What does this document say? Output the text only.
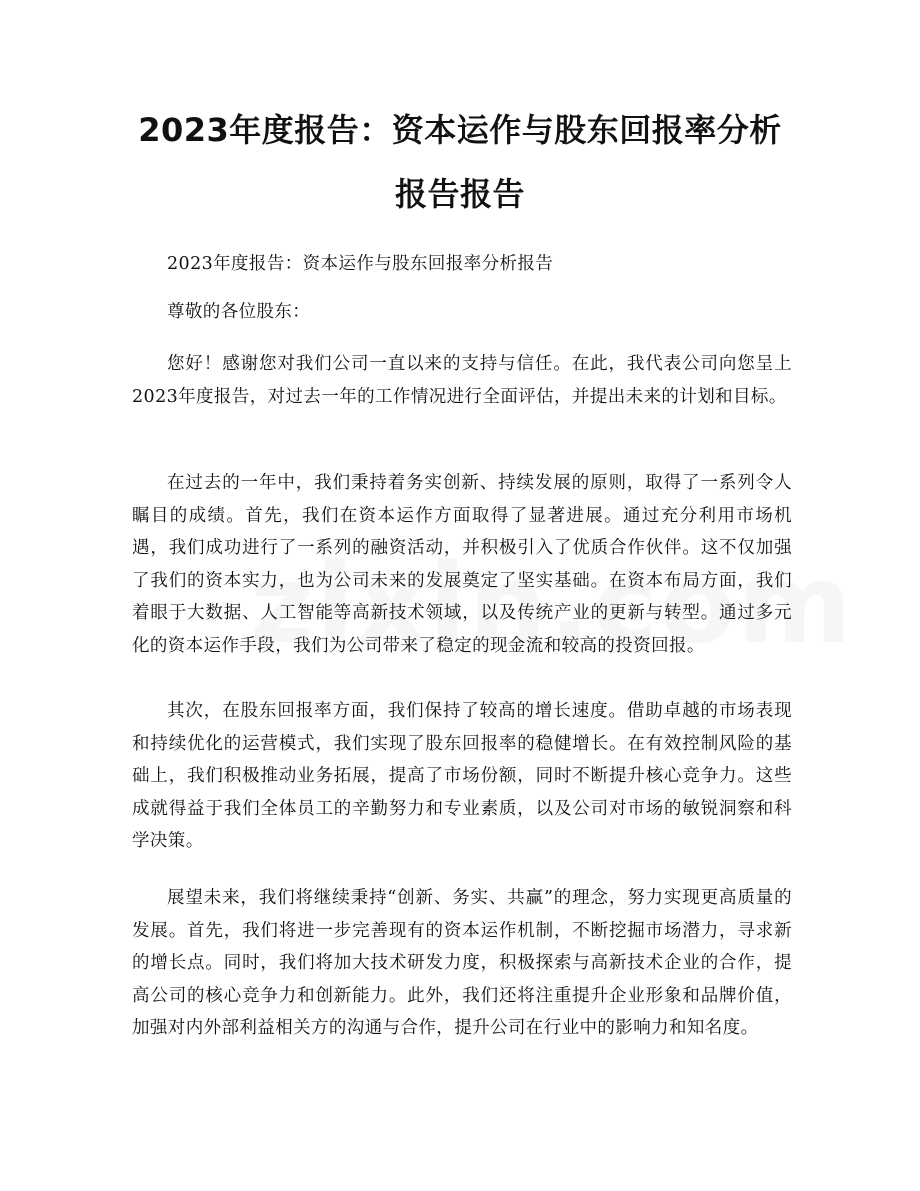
2023年度报告：资本运作与股东回报率分析
报告报告

2023年度报告：资本运作与股东回报率分析报告

尊敬的各位股东：

您好！感谢您对我们公司一直以来的支持与信任。在此，我代表公司向您呈上2023年度报告，对过去一年的工作情况进行全面评估，并提出未来的计划和目标。

在过去的一年中，我们秉持着务实创新、持续发展的原则，取得了一系列令人瞩目的成绩。首先，我们在资本运作方面取得了显著进展。通过充分利用市场机遇，我们成功进行了一系列的融资活动，并积极引入了优质合作伙伴。这不仅加强了我们的资本实力，也为公司未来的发展奠定了坚实基础。在资本布局方面，我们着眼于大数据、人工智能等高新技术领域，以及传统产业的更新与转型。通过多元化的资本运作手段，我们为公司带来了稳定的现金流和较高的投资回报。

其次，在股东回报率方面，我们保持了较高的增长速度。借助卓越的市场表现和持续优化的运营模式，我们实现了股东回报率的稳健增长。在有效控制风险的基础上，我们积极推动业务拓展，提高了市场份额，同时不断提升核心竞争力。这些成就得益于我们全体员工的辛勤努力和专业素质，以及公司对市场的敏锐洞察和科学决策。

展望未来，我们将继续秉持“创新、务实、共赢”的理念，努力实现更高质量的发展。首先，我们将进一步完善现有的资本运作机制，不断挖掘市场潜力，寻求新的增长点。同时，我们将加大技术研发力度，积极探索与高新技术企业的合作，提高公司的核心竞争力和创新能力。此外，我们还将注重提升企业形象和品牌价值，加强对内外部利益相关方的沟通与合作，提升公司在行业中的影响力和知名度。
